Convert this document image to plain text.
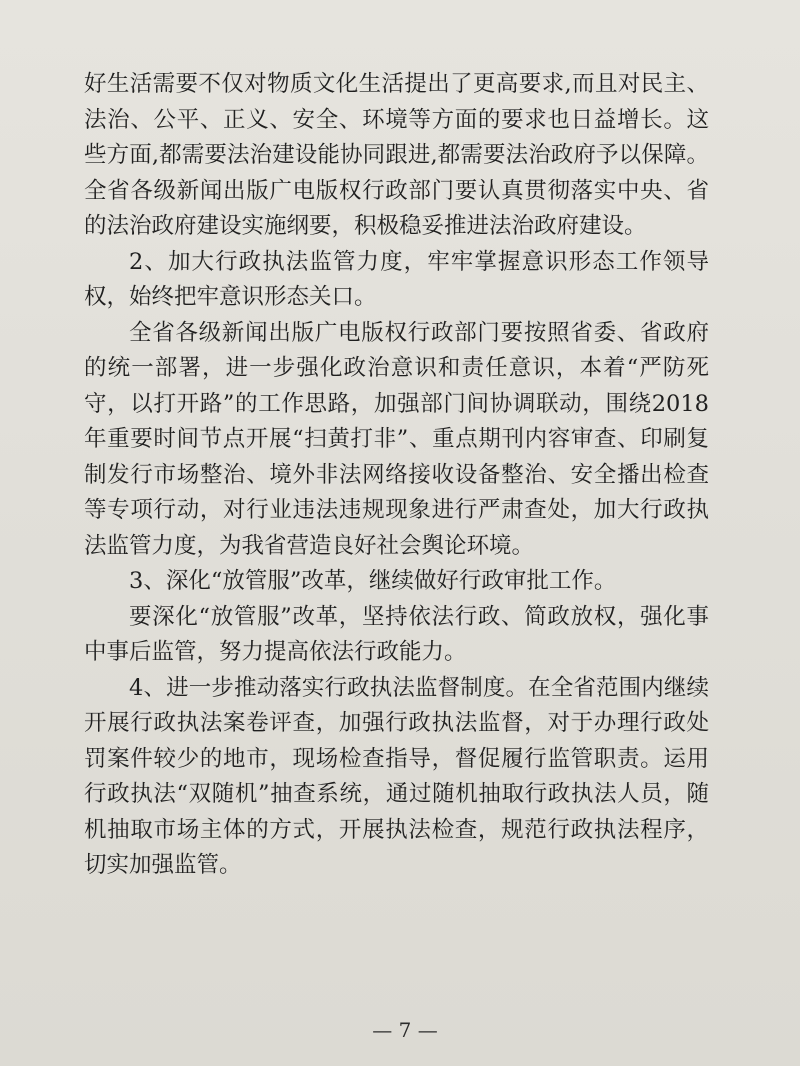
好生活需要不仅对物质文化生活提出了更高要求,而且对民主、法治、公平、正义、安全、环境等方面的要求也日益增长。这些方面,都需要法治建设能协同跟进,都需要法治政府予以保障。全省各级新闻出版广电版权行政部门要认真贯彻落实中央、省的法治政府建设实施纲要，积极稳妥推进法治政府建设。

2、加大行政执法监管力度，牢牢掌握意识形态工作领导权，始终把牢意识形态关口。

全省各级新闻出版广电版权行政部门要按照省委、省政府的统一部署，进一步强化政治意识和责任意识，本着“严防死守，以打开路”的工作思路，加强部门间协调联动，围绕2018年重要时间节点开展“扫黄打非”、重点期刊内容审查、印刷复制发行市场整治、境外非法网络接收设备整治、安全播出检查等专项行动，对行业违法违规现象进行严肃查处，加大行政执法监管力度，为我省营造良好社会舆论环境。

3、深化“放管服”改革，继续做好行政审批工作。

要深化“放管服”改革，坚持依法行政、简政放权，强化事中事后监管，努力提高依法行政能力。

4、进一步推动落实行政执法监督制度。在全省范围内继续开展行政执法案卷评查，加强行政执法监督，对于办理行政处罚案件较少的地市，现场检查指导，督促履行监管职责。运用行政执法“双随机”抽查系统，通过随机抽取行政执法人员，随机抽取市场主体的方式，开展执法检查，规范行政执法程序，切实加强监管。

— 7 —
